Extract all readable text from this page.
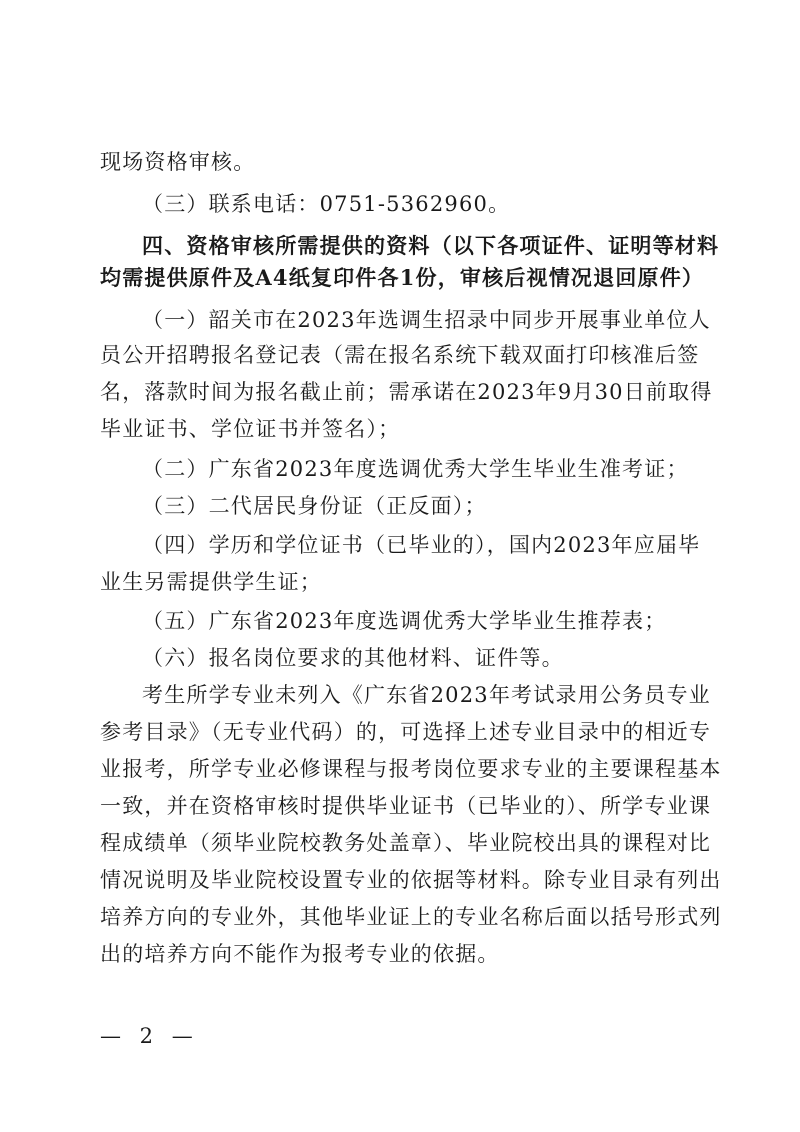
现场资格审核。
（三）联系电话：0751-5362960。
四、资格审核所需提供的资料（以下各项证件、证明等材料
均需提供原件及A4纸复印件各1份，审核后视情况退回原件）
（一）韶关市在2023年选调生招录中同步开展事业单位人
员公开招聘报名登记表（需在报名系统下载双面打印核准后签
名，落款时间为报名截止前；需承诺在2023年9月30日前取得
毕业证书、学位证书并签名）；
（二）广东省2023年度选调优秀大学生毕业生准考证；
（三）二代居民身份证（正反面）；
（四）学历和学位证书（已毕业的），国内2023年应届毕
业生另需提供学生证；
（五）广东省2023年度选调优秀大学毕业生推荐表；
（六）报名岗位要求的其他材料、证件等。
考生所学专业未列入《广东省2023年考试录用公务员专业
参考目录》（无专业代码）的，可选择上述专业目录中的相近专
业报考，所学专业必修课程与报考岗位要求专业的主要课程基本
一致，并在资格审核时提供毕业证书（已毕业的）、所学专业课
程成绩单（须毕业院校教务处盖章）、毕业院校出具的课程对比
情况说明及毕业院校设置专业的依据等材料。除专业目录有列出
培养方向的专业外，其他毕业证上的专业名称后面以括号形式列
出的培养方向不能作为报考专业的依据。
— 2 —
